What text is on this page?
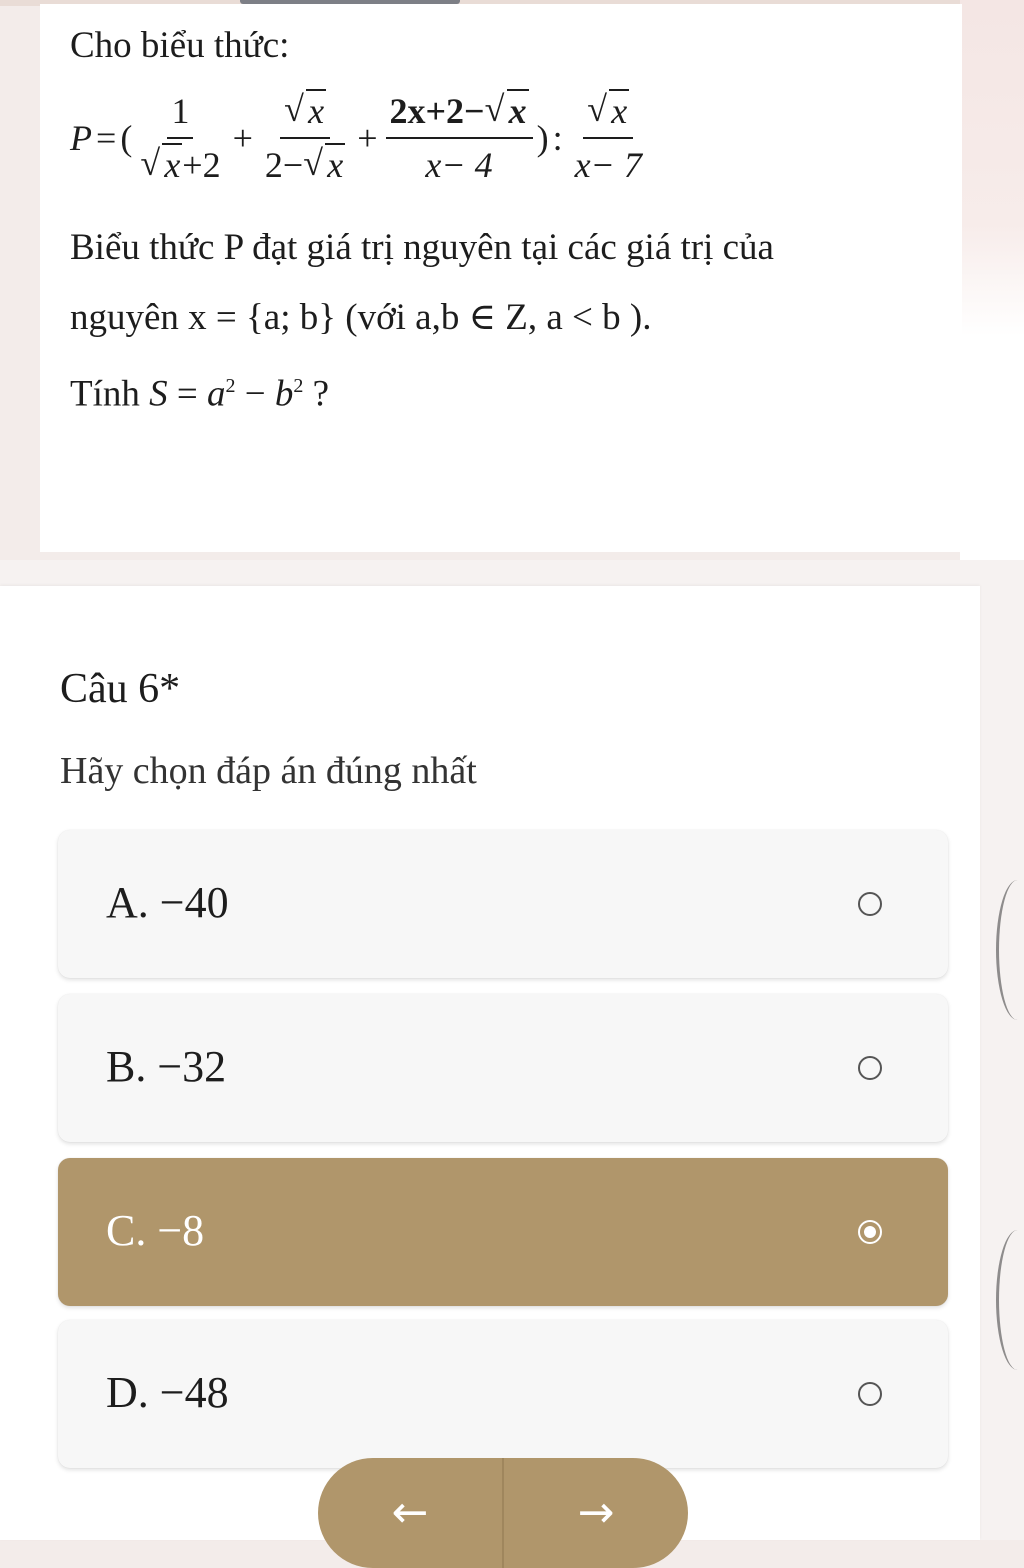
Cho biểu thức:
P = ( 1
√ x+2 + √ $\frac{x}{2- √ x} + \frac{2x+2- √ x}{x- 4}$ ) : √ $\frac{x}{x- 7}$
Biểu thức P đạt giá trị nguyên tại các giá trị của
nguyên x = {a; b} (với a,b ∈ Z, a < b ).
Tính $S = a^2 - b^2$ ?
Câu 6*
Hãy chọn đáp án đúng nhất
A. −40
B. −32
C. −8
D. −48
←	→
